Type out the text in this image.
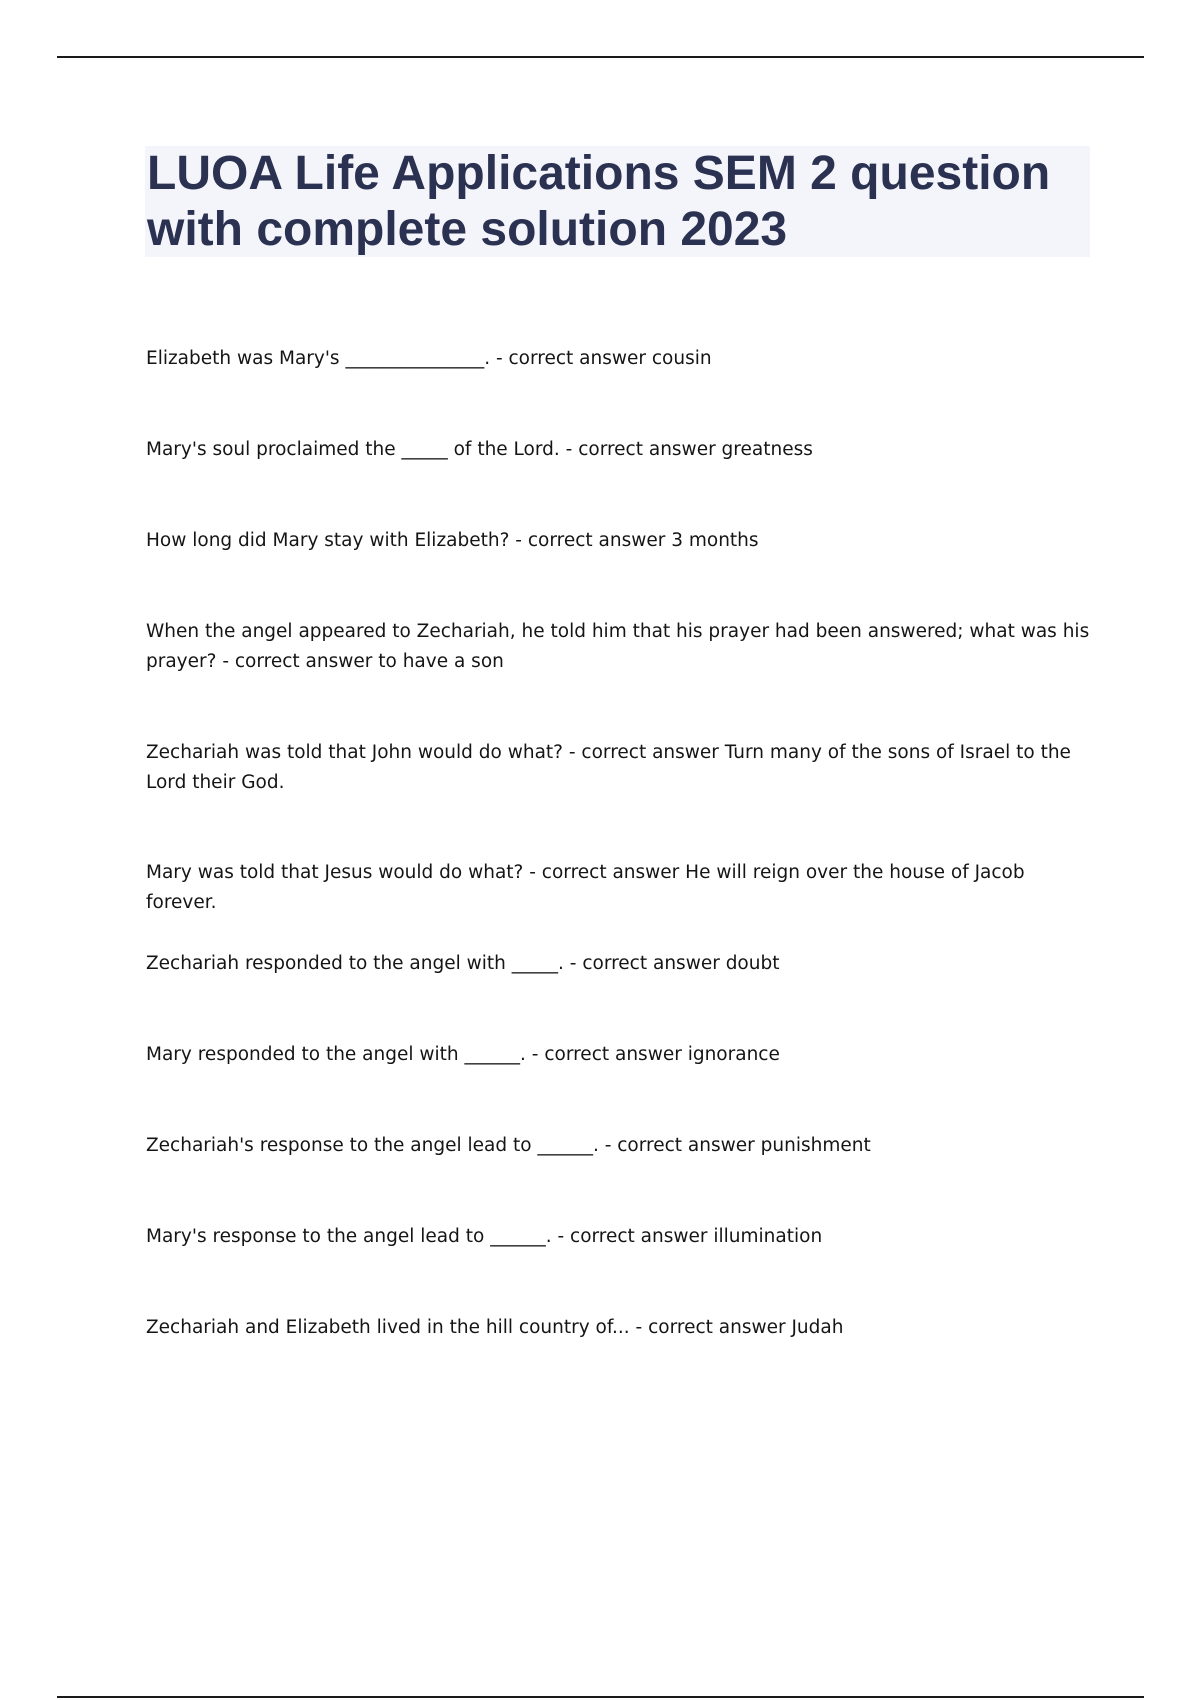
LUOA Life Applications SEM 2 question with complete solution 2023

Elizabeth was Mary's _______________. - correct answer cousin

Mary's soul proclaimed the _____ of the Lord. - correct answer greatness

How long did Mary stay with Elizabeth? - correct answer 3 months

When the angel appeared to Zechariah, he told him that his prayer had been answered; what was his prayer? - correct answer to have a son

Zechariah was told that John would do what? - correct answer Turn many of the sons of Israel to the Lord their God.

Mary was told that Jesus would do what? - correct answer He will reign over the house of Jacob forever.

Zechariah responded to the angel with _____. - correct answer doubt

Mary responded to the angel with ______. - correct answer ignorance

Zechariah's response to the angel lead to ______. - correct answer punishment

Mary's response to the angel lead to ______. - correct answer illumination

Zechariah and Elizabeth lived in the hill country of... - correct answer Judah
